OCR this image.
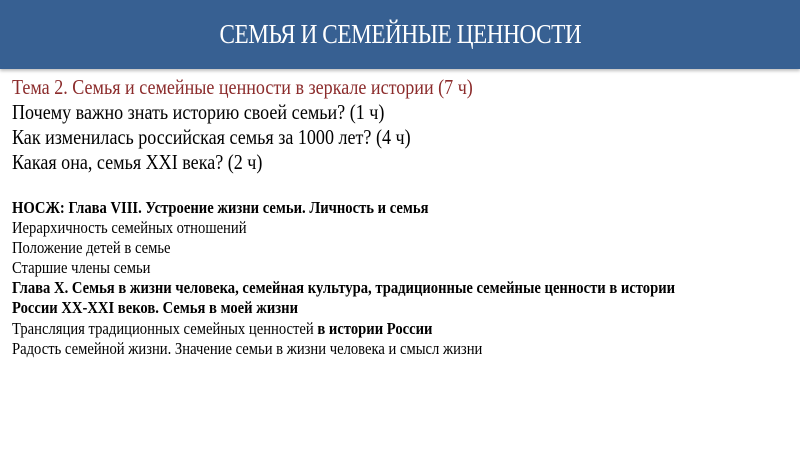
СЕМЬЯ И СЕМЕЙНЫЕ ЦЕННОСТИ
Тема 2. Семья и семейные ценности в зеркале истории (7 ч)
Почему важно знать историю своей семьи? (1 ч)
Как изменилась российская семья за 1000 лет? (4 ч)
Какая она, семья XXI века? (2 ч)
НОСЖ: Глава VIII. Устроение жизни семьи. Личность и семья
Иерархичность семейных отношений
Положение детей в семье
Старшие члены семьи
Глава X. Семья в жизни человека, семейная культура, традиционные семейные ценности в истории
России XX-XXI веков. Семья в моей жизни
Трансляция традиционных семейных ценностей в истории России
Радость семейной жизни. Значение семьи в жизни человека и смысл жизни
